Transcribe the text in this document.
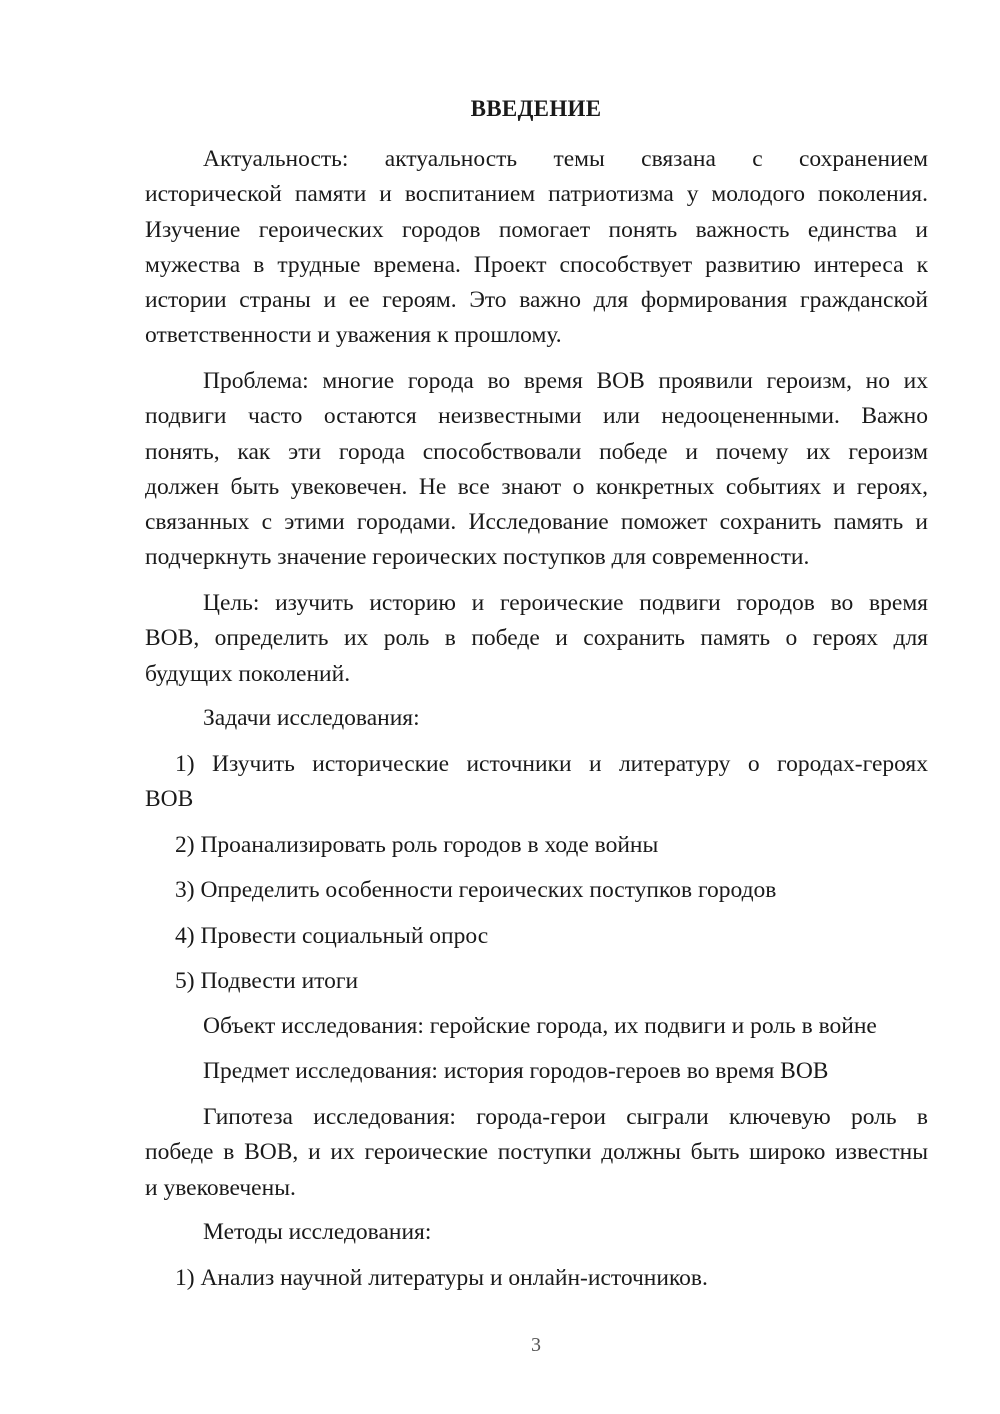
ВВЕДЕНИЕ
Актуальность: актуальность темы связана с сохранением
исторической памяти и воспитанием патриотизма у молодого поколения.
Изучение героических городов помогает понять важность единства и
мужества в трудные времена. Проект способствует развитию интереса к
истории страны и ее героям. Это важно для формирования гражданской
ответственности и уважения к прошлому.
Проблема: многие города во время ВОВ проявили героизм, но их
подвиги часто остаются неизвестными или недооцененными. Важно
понять, как эти города способствовали победе и почему их героизм
должен быть увековечен. Не все знают о конкретных событиях и героях,
связанных с этими городами. Исследование поможет сохранить память и
подчеркнуть значение героических поступков для современности.
Цель: изучить историю и героические подвиги городов во время
ВОВ, определить их роль в победе и сохранить память о героях для
будущих поколений.
Задачи исследования:
1) Изучить исторические источники и литературу о городах-героях
ВОВ
2) Проанализировать роль городов в ходе войны
3) Определить особенности героических поступков городов
4) Провести социальный опрос
5) Подвести итоги
Объект исследования: геройские города, их подвиги и роль в войне
Предмет исследования: история городов-героев во время ВОВ
Гипотеза исследования: города-герои сыграли ключевую роль в
победе в ВОВ, и их героические поступки должны быть широко известны
и увековечены.
Методы исследования:
1) Анализ научной литературы и онлайн-источников.
3
